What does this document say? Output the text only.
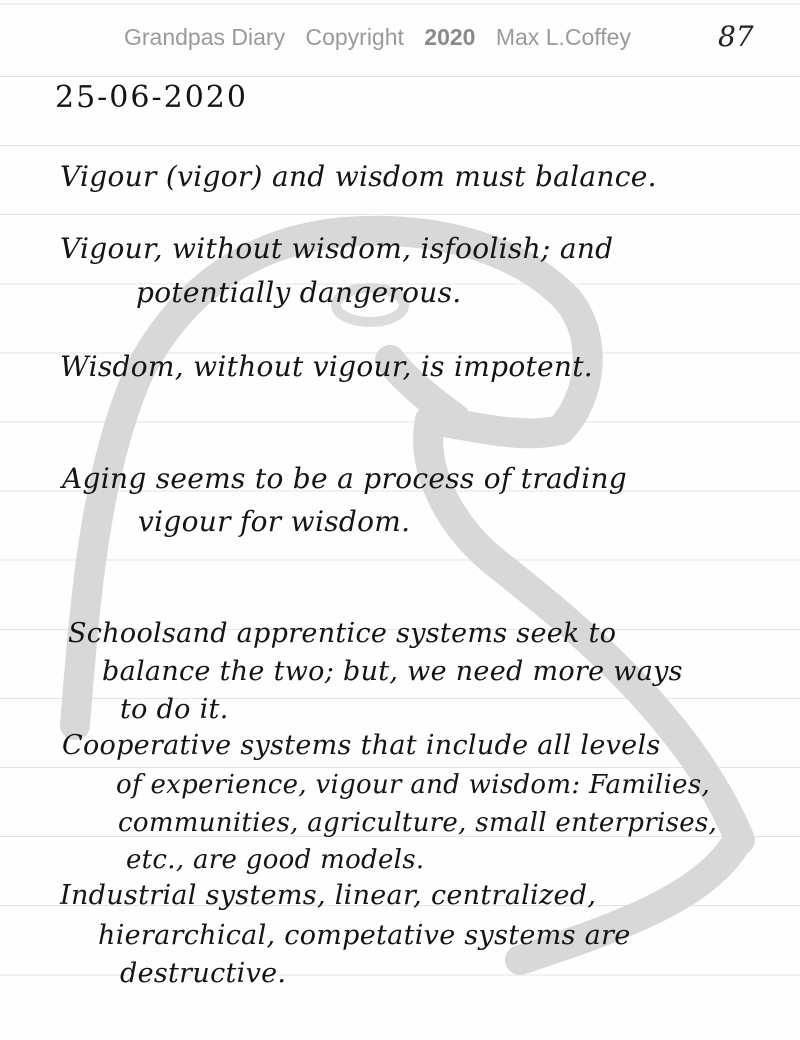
Grandpas Diary Copyright 2020 Max L.Coffey	87
25-06-2020
Vigour (vigor) and wisdom must balance.
Vigour, without wisdom, isfoolish; and
potentially dangerous.
Wisdom, without vigour, is impotent.
Aging seems to be a process of trading
vigour for wisdom.
Schoolsand apprentice systems seek to
balance the two; but, we need more ways
to do it.
Cooperative systems that include all levels
of experience, vigour and wisdom: Families,
communities, agriculture, small enterprises,
etc., are good models.
Industrial systems, linear, centralized,
hierarchical, competative systems are
destructive.
